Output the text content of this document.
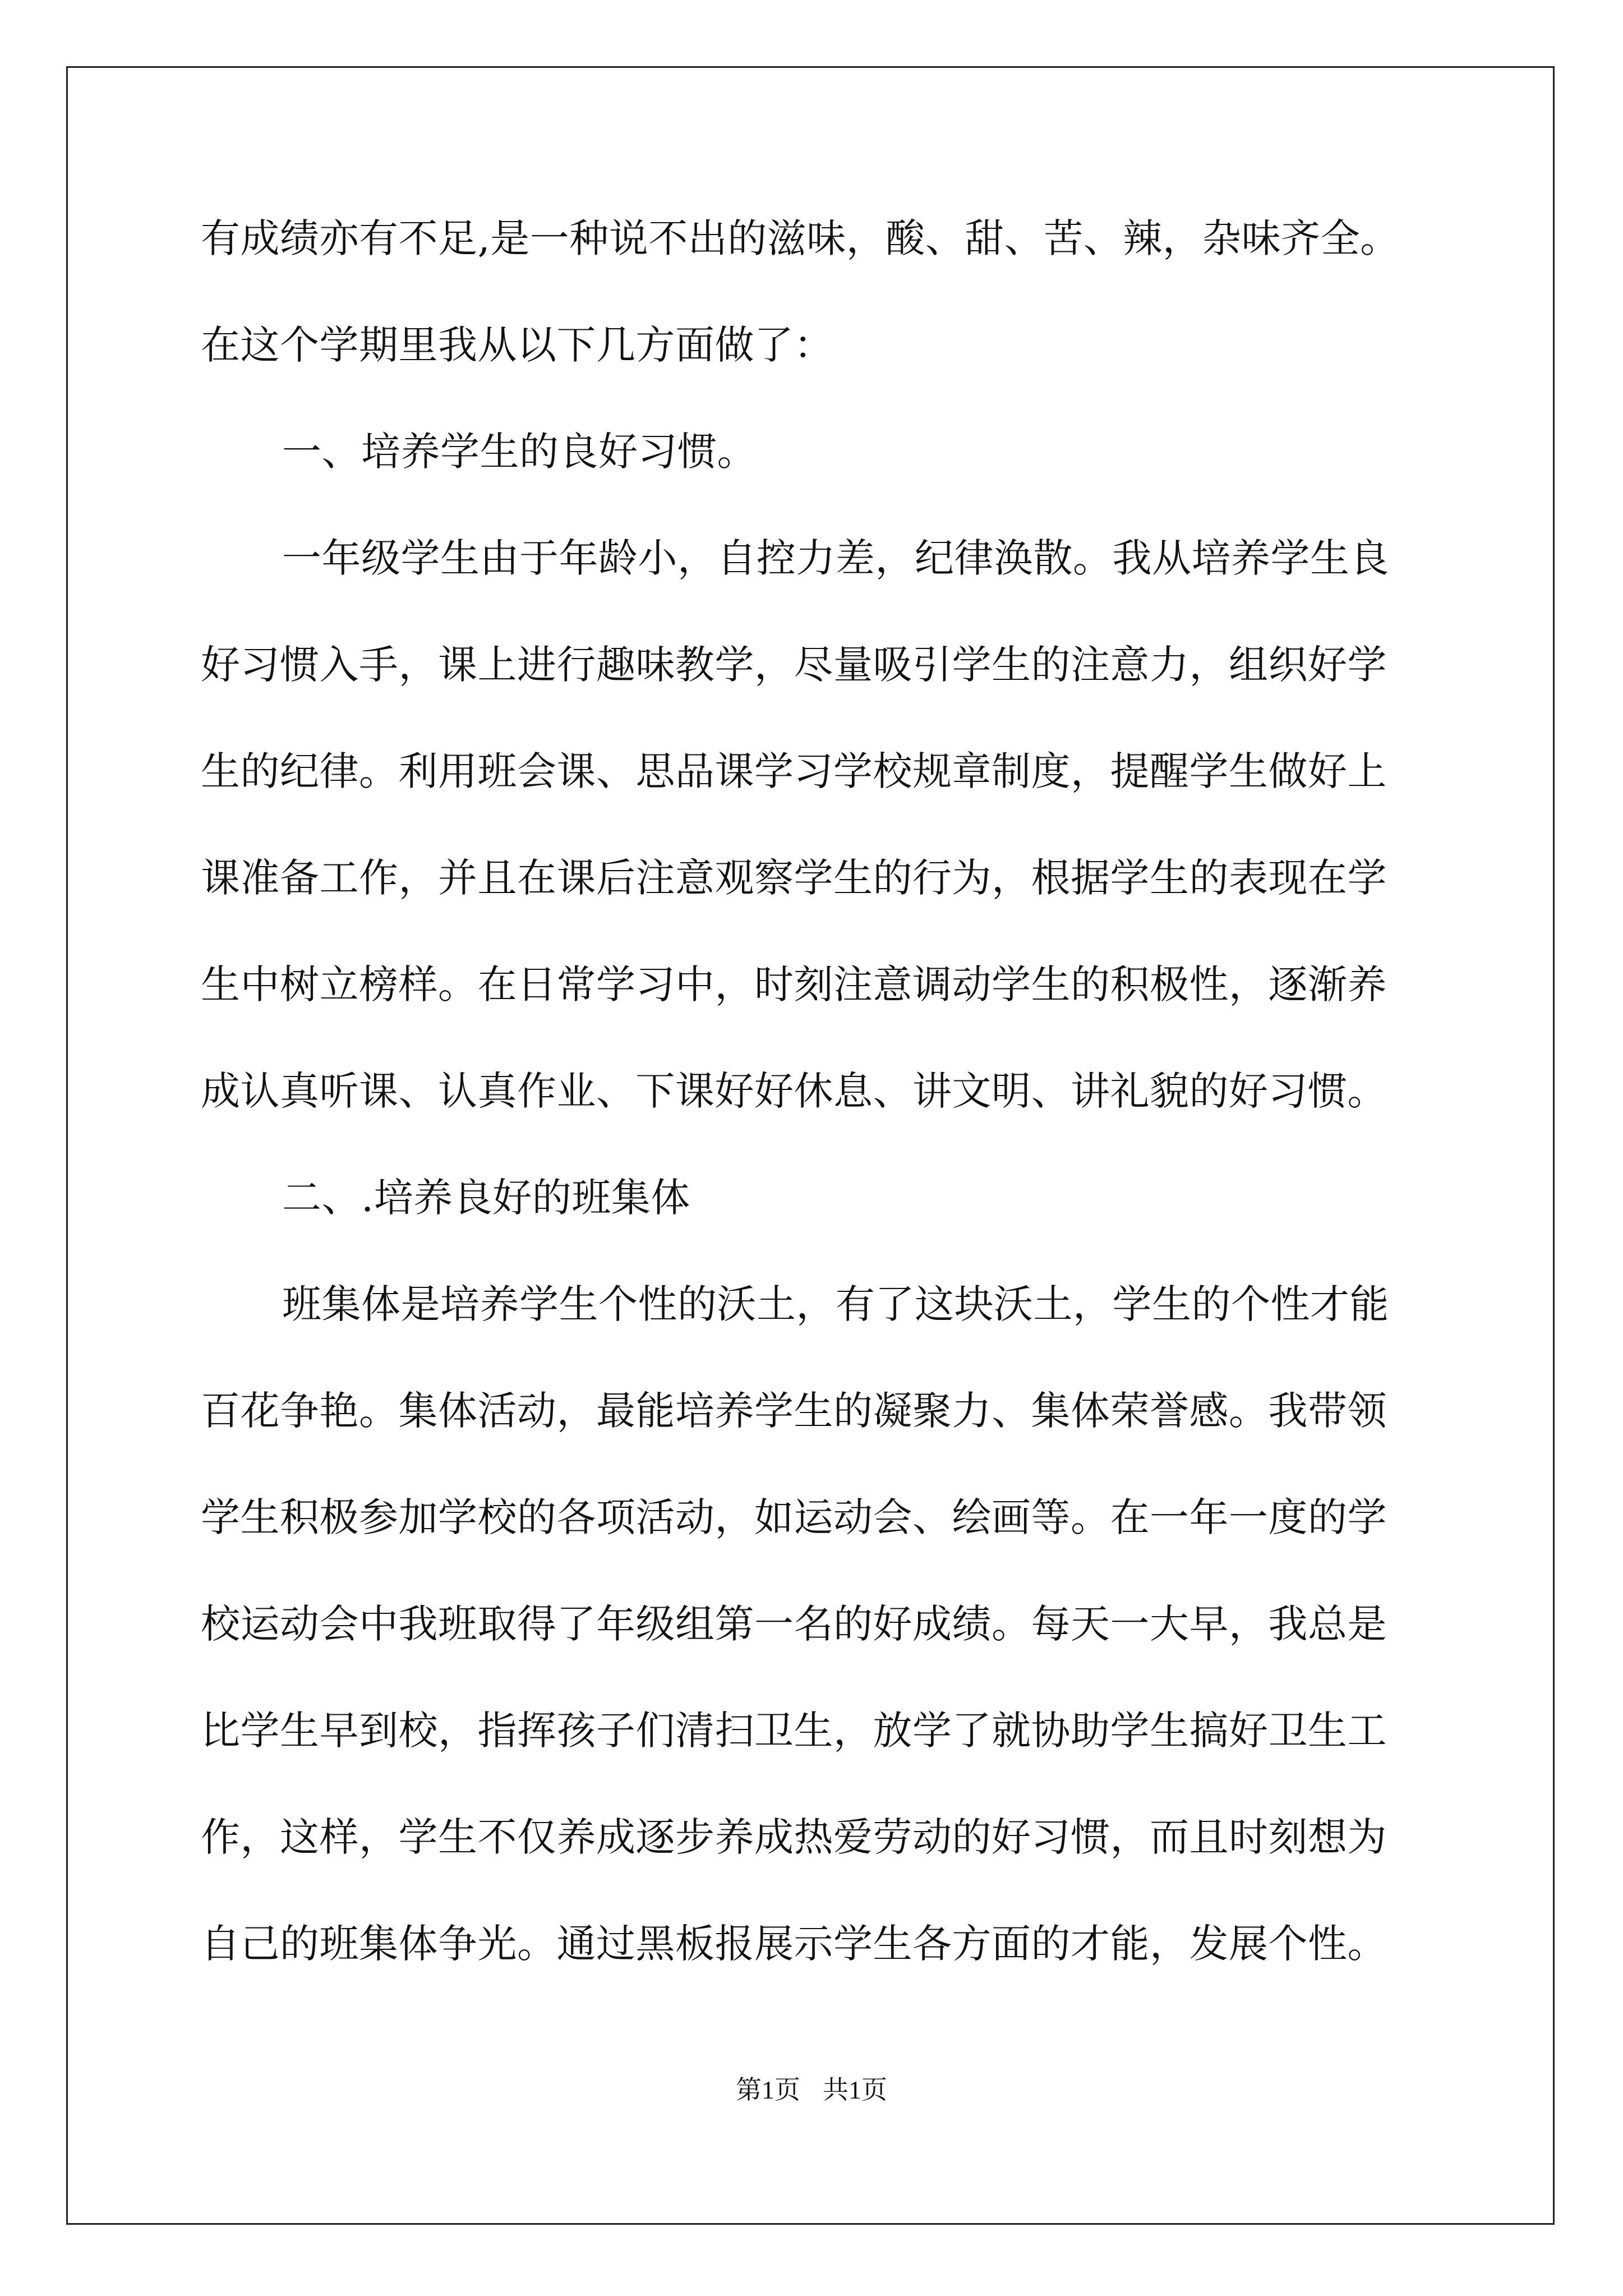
有成绩亦有不足,是一种说不出的滋味，酸、甜、苦、辣，杂味齐全。
在这个学期里我从以下几方面做了：
一、培养学生的良好习惯。
一年级学生由于年龄小，自控力差，纪律涣散。我从培养学生良
好习惯入手，课上进行趣味教学，尽量吸引学生的注意力，组织好学
生的纪律。利用班会课、思品课学习学校规章制度，提醒学生做好上
课准备工作，并且在课后注意观察学生的行为，根据学生的表现在学
生中树立榜样。在日常学习中，时刻注意调动学生的积极性，逐渐养
成认真听课、认真作业、下课好好休息、讲文明、讲礼貌的好习惯。
二、.培养良好的班集体
班集体是培养学生个性的沃土，有了这块沃土，学生的个性才能
百花争艳。集体活动，最能培养学生的凝聚力、集体荣誉感。我带领
学生积极参加学校的各项活动，如运动会、绘画等。在一年一度的学
校运动会中我班取得了年级组第一名的好成绩。每天一大早，我总是
比学生早到校，指挥孩子们清扫卫生，放学了就协助学生搞好卫生工
作，这样，学生不仅养成逐步养成热爱劳动的好习惯，而且时刻想为
自己的班集体争光。通过黑板报展示学生各方面的才能，发展个性。
第1页 共1页
